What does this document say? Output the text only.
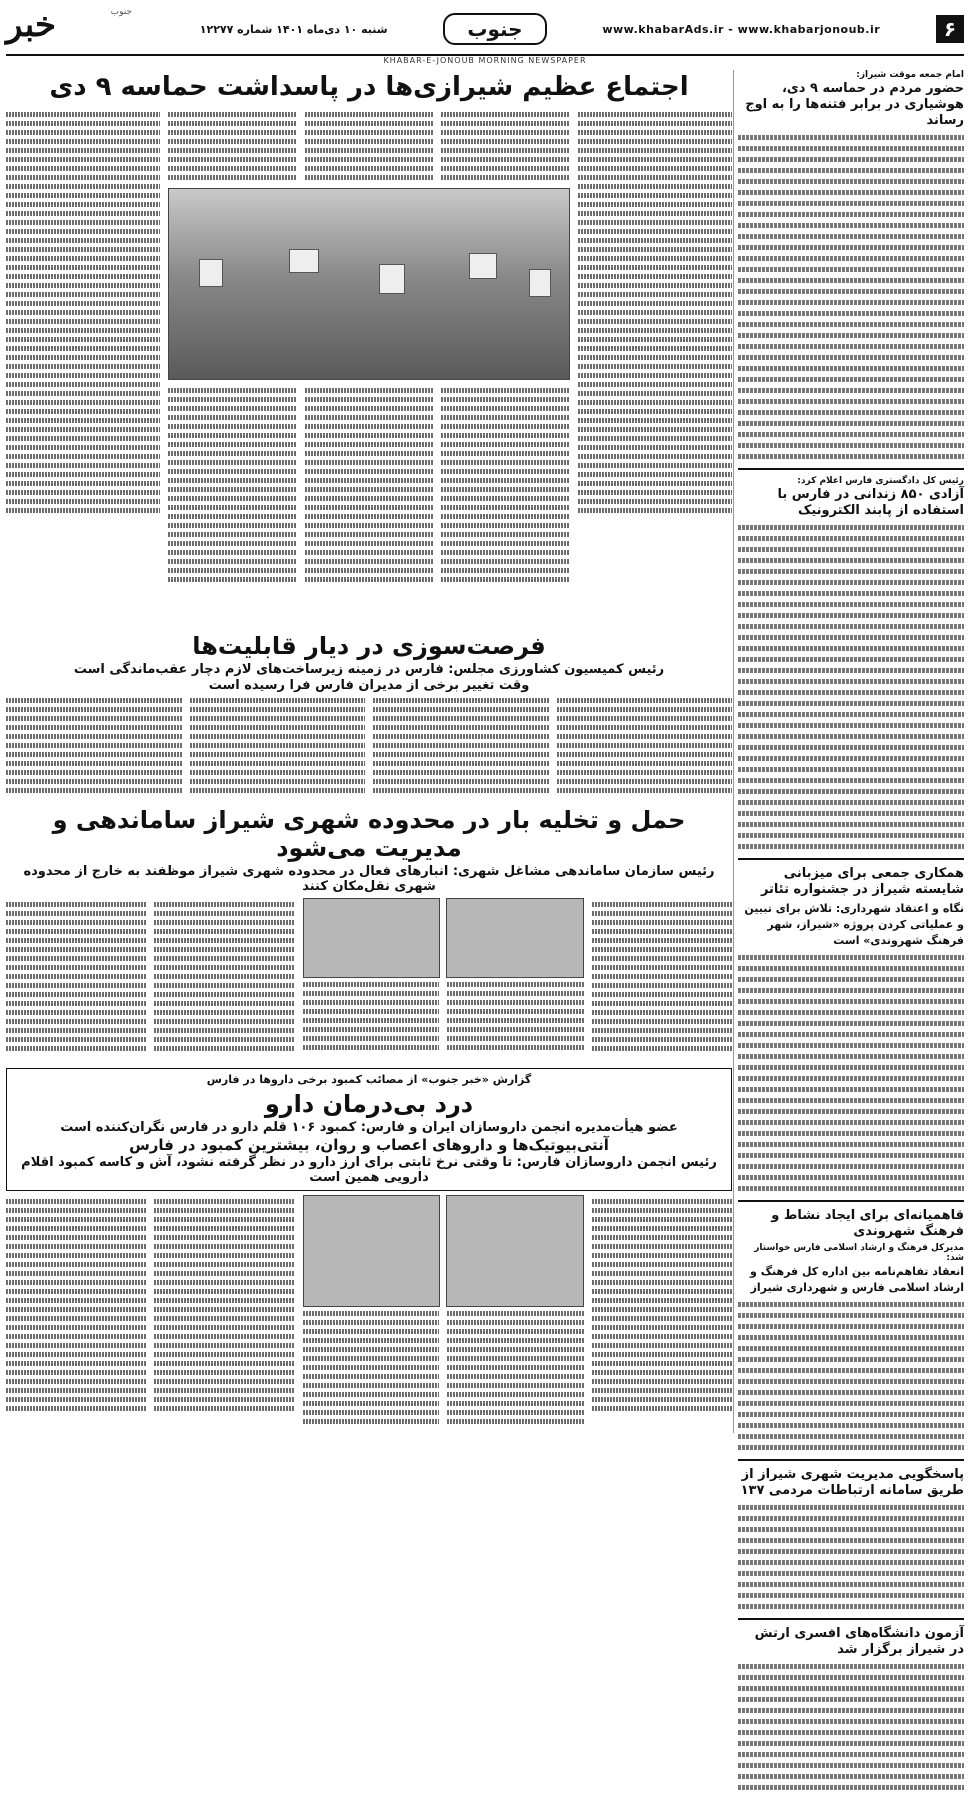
خبر	جنوب
شنبه ۱۰ دی‌ماه ۱۴۰۱ شماره ۱۲۲۷۷	جنوب	www.khabarAds.ir - www.khabarjonoub.ir	۶
KHABAR-E-JONOUB MORNING NEWSPAPER
امام جمعه موقت شیراز:
حضور مردم در حماسه ۹ دی، هوشیاری در برابر فتنه‌ها را به اوج رساند
رئیس کل دادگستری فارس اعلام کرد:
آزادی ۸۵۰ زندانی در فارس با استفاده از پابند الکترونیک
همکاری جمعی برای میزبانی شایسته شیراز در جشنواره تئاتر
نگاه و اعتقاد شهرداری: تلاش برای تبیین و عملیاتی کردن پروژه «شیراز، شهر فرهنگ شهروندی» است
قاهمیانه‌ای برای ایجاد نشاط و فرهنگ شهروندی
مدیرکل فرهنگ و ارشاد اسلامی فارس خواستار شد:
انعقاد تفاهم‌نامه بین اداره کل فرهنگ و ارشاد اسلامی فارس و شهرداری شیراز
پاسخگویی مدیریت شهری شیراز از طریق سامانه ارتباطات مردمی ۱۳۷
آزمون دانشگاه‌های افسری ارتش در شیراز برگزار شد
اجتماع عظیم شیرازی‌ها در پاسداشت حماسه ۹ دی
فرصت‌سوزی در دیار قابلیت‌ها
رئیس کمیسیون کشاورزی مجلس: فارس در زمینه زیرساخت‌های لازم دچار عقب‌ماندگی است
وقت تغییر برخی از مدیران فارس فرا رسیده است
حمل و تخلیه بار در محدوده شهری شیراز ساماندهی و مدیریت می‌شود
رئیس سازمان ساماندهی مشاغل شهری: انبارهای فعال در محدوده شهری شیراز موظفند به خارج از محدوده شهری نقل‌مکان کنند
گزارش «خبر جنوب» از مصائب کمبود برخی داروها در فارس
درد بی‌درمان دارو
عضو هیأت‌مدیره انجمن داروسازان ایران و فارس: کمبود ۱۰۶ قلم دارو در فارس نگران‌کننده است
آنتی‌بیوتیک‌ها و داروهای اعصاب و روان، بیشترین کمبود در فارس
رئیس انجمن داروسازان فارس: تا وقتی نرخ ثابتی برای ارز دارو در نظر گرفته نشود، آش و کاسه کمبود اقلام دارویی همین است
